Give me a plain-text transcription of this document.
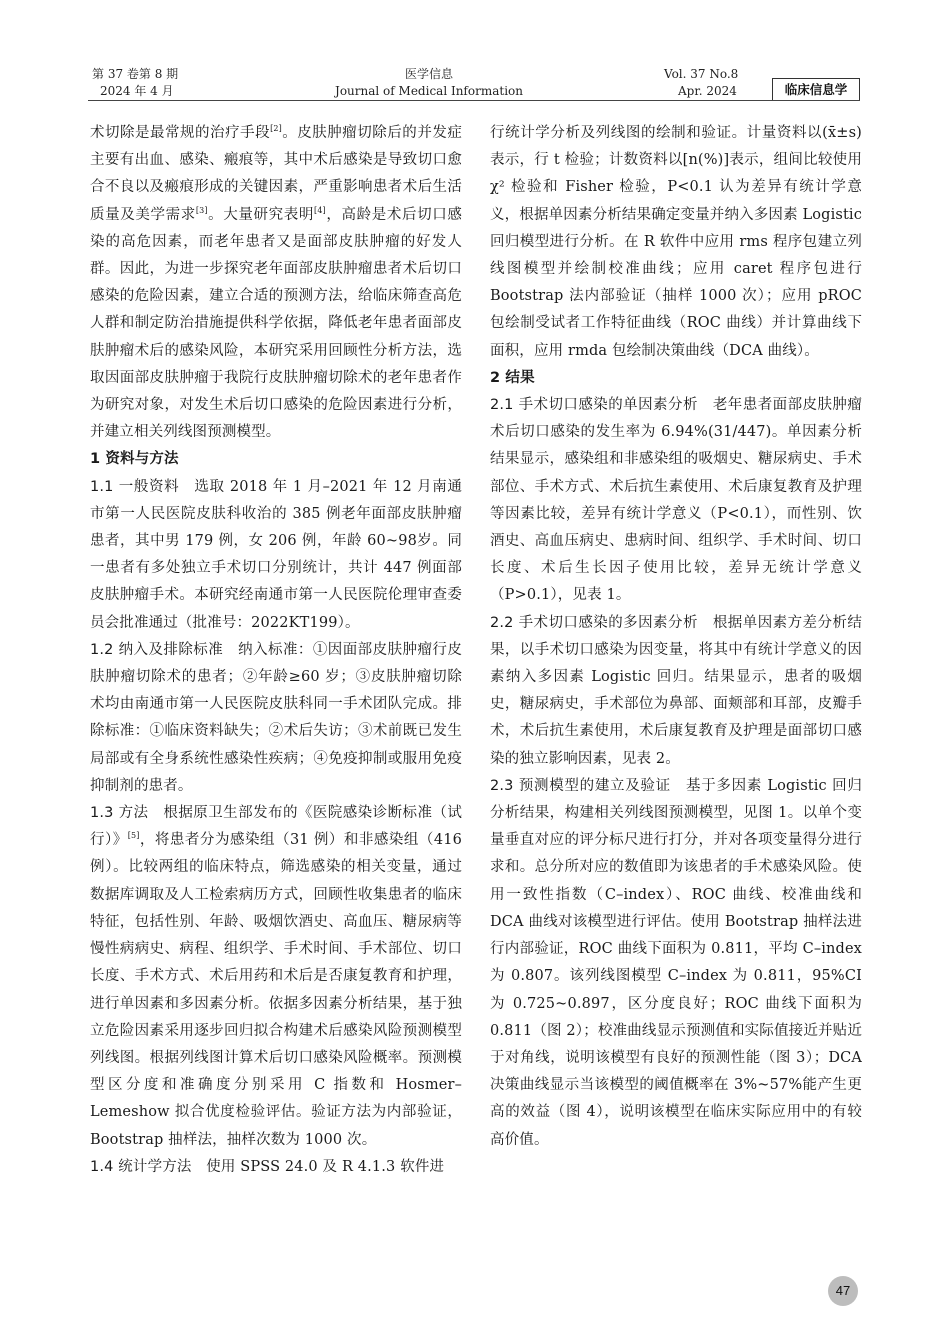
第 37 卷第 8 期
2024 年 4 月
医学信息
Journal of Medical Information
Vol. 37 No.8
Apr. 2024	临床信息学

术切除是最常规的治疗手段[2]。皮肤肿瘤切除后的并发症主要有出血、感染、瘢痕等，其中术后感染是导致切口愈合不良以及瘢痕形成的关键因素，严重影响患者术后生活质量及美学需求[3]。大量研究表明[4]，高龄是术后切口感染的高危因素，而老年患者又是面部皮肤肿瘤的好发人群。因此，为进一步探究老年面部皮肤肿瘤患者术后切口感染的危险因素，建立合适的预测方法，给临床筛查高危人群和制定防治措施提供科学依据，降低老年患者面部皮肤肿瘤术后的感染风险，本研究采用回顾性分析方法，选取因面部皮肤肿瘤于我院行皮肤肿瘤切除术的老年患者作为研究对象，对发生术后切口感染的危险因素进行分析，并建立相关列线图预测模型。

1 资料与方法

1.1 一般资料  选取 2018 年 1 月–2021 年 12 月南通市第一人民医院皮肤科收治的 385 例老年面部皮肤肿瘤患者，其中男 179 例，女 206 例，年龄 60~98岁。同一患者有多处独立手术切口分别统计，共计 447 例面部皮肤肿瘤手术。本研究经南通市第一人民医院伦理审查委员会批准通过（批准号：2022KT199）。

1.2 纳入及排除标准  纳入标准：①因面部皮肤肿瘤行皮肤肿瘤切除术的患者；②年龄≥60 岁；③皮肤肿瘤切除术均由南通市第一人民医院皮肤科同一手术团队完成。排除标准：①临床资料缺失；②术后失访；③术前既已发生局部或有全身系统性感染性疾病；④免疫抑制或服用免疫抑制剂的患者。

1.3 方法  根据原卫生部发布的《医院感染诊断标准（试行）》[5]，将患者分为感染组（31 例）和非感染组（416 例）。比较两组的临床特点，筛选感染的相关变量，通过数据库调取及人工检索病历方式，回顾性收集患者的临床特征，包括性别、年龄、吸烟饮酒史、高血压、糖尿病等慢性病病史、病程、组织学、手术时间、手术部位、切口长度、手术方式、术后用药和术后是否康复教育和护理，进行单因素和多因素分析。依据多因素分析结果，基于独立危险因素采用逐步回归拟合构建术后感染风险预测模型列线图。根据列线图计算术后切口感染风险概率。预测模型区分度和准确度分别采用 C 指数和 Hosmer–Lemeshow 拟合优度检验评估。验证方法为内部验证，Bootstrap 抽样法，抽样次数为 1000 次。

1.4 统计学方法  使用 SPSS 24.0 及 R 4.1.3 软件进

行统计学分析及列线图的绘制和验证。计量资料以(x̄±s)表示，行 t 检验；计数资料以[n(%)]表示，组间比较使用 χ² 检验和 Fisher 检验，P<0.1 认为差异有统计学意义，根据单因素分析结果确定变量并纳入多因素 Logistic 回归模型进行分析。在 R 软件中应用 rms 程序包建立列线图模型并绘制校准曲线；应用 caret 程序包进行 Bootstrap 法内部验证（抽样 1000 次）；应用 pROC 包绘制受试者工作特征曲线（ROC 曲线）并计算曲线下面积，应用 rmda 包绘制决策曲线（DCA 曲线）。

2 结果

2.1 手术切口感染的单因素分析  老年患者面部皮肤肿瘤术后切口感染的发生率为 6.94%(31/447)。单因素分析结果显示，感染组和非感染组的吸烟史、糖尿病史、手术部位、手术方式、术后抗生素使用、术后康复教育及护理等因素比较，差异有统计学意义（P<0.1），而性别、饮酒史、高血压病史、患病时间、组织学、手术时间、切口长度、术后生长因子使用比较，差异无统计学意义（P>0.1），见表 1。

2.2 手术切口感染的多因素分析  根据单因素方差分析结果，以手术切口感染为因变量，将其中有统计学意义的因素纳入多因素 Logistic 回归。结果显示，患者的吸烟史，糖尿病史，手术部位为鼻部、面颊部和耳部，皮瓣手术，术后抗生素使用，术后康复教育及护理是面部切口感染的独立影响因素，见表 2。

2.3 预测模型的建立及验证  基于多因素 Logistic 回归分析结果，构建相关列线图预测模型，见图 1。以单个变量垂直对应的评分标尺进行打分，并对各项变量得分进行求和。总分所对应的数值即为该患者的手术感染风险。使用一致性指数（C–index）、ROC 曲线、校准曲线和 DCA 曲线对该模型进行评估。使用 Bootstrap 抽样法进行内部验证，ROC 曲线下面积为 0.811，平均 C–index 为 0.807。该列线图模型 C–index 为 0.811，95%CI 为 0.725~0.897，区分度良好；ROC 曲线下面积为 0.811（图 2）；校准曲线显示预测值和实际值接近并贴近于对角线，说明该模型有良好的预测性能（图 3）；DCA 决策曲线显示当该模型的阈值概率在 3%~57%能产生更高的效益（图 4），说明该模型在临床实际应用中的有较高价值。

47
